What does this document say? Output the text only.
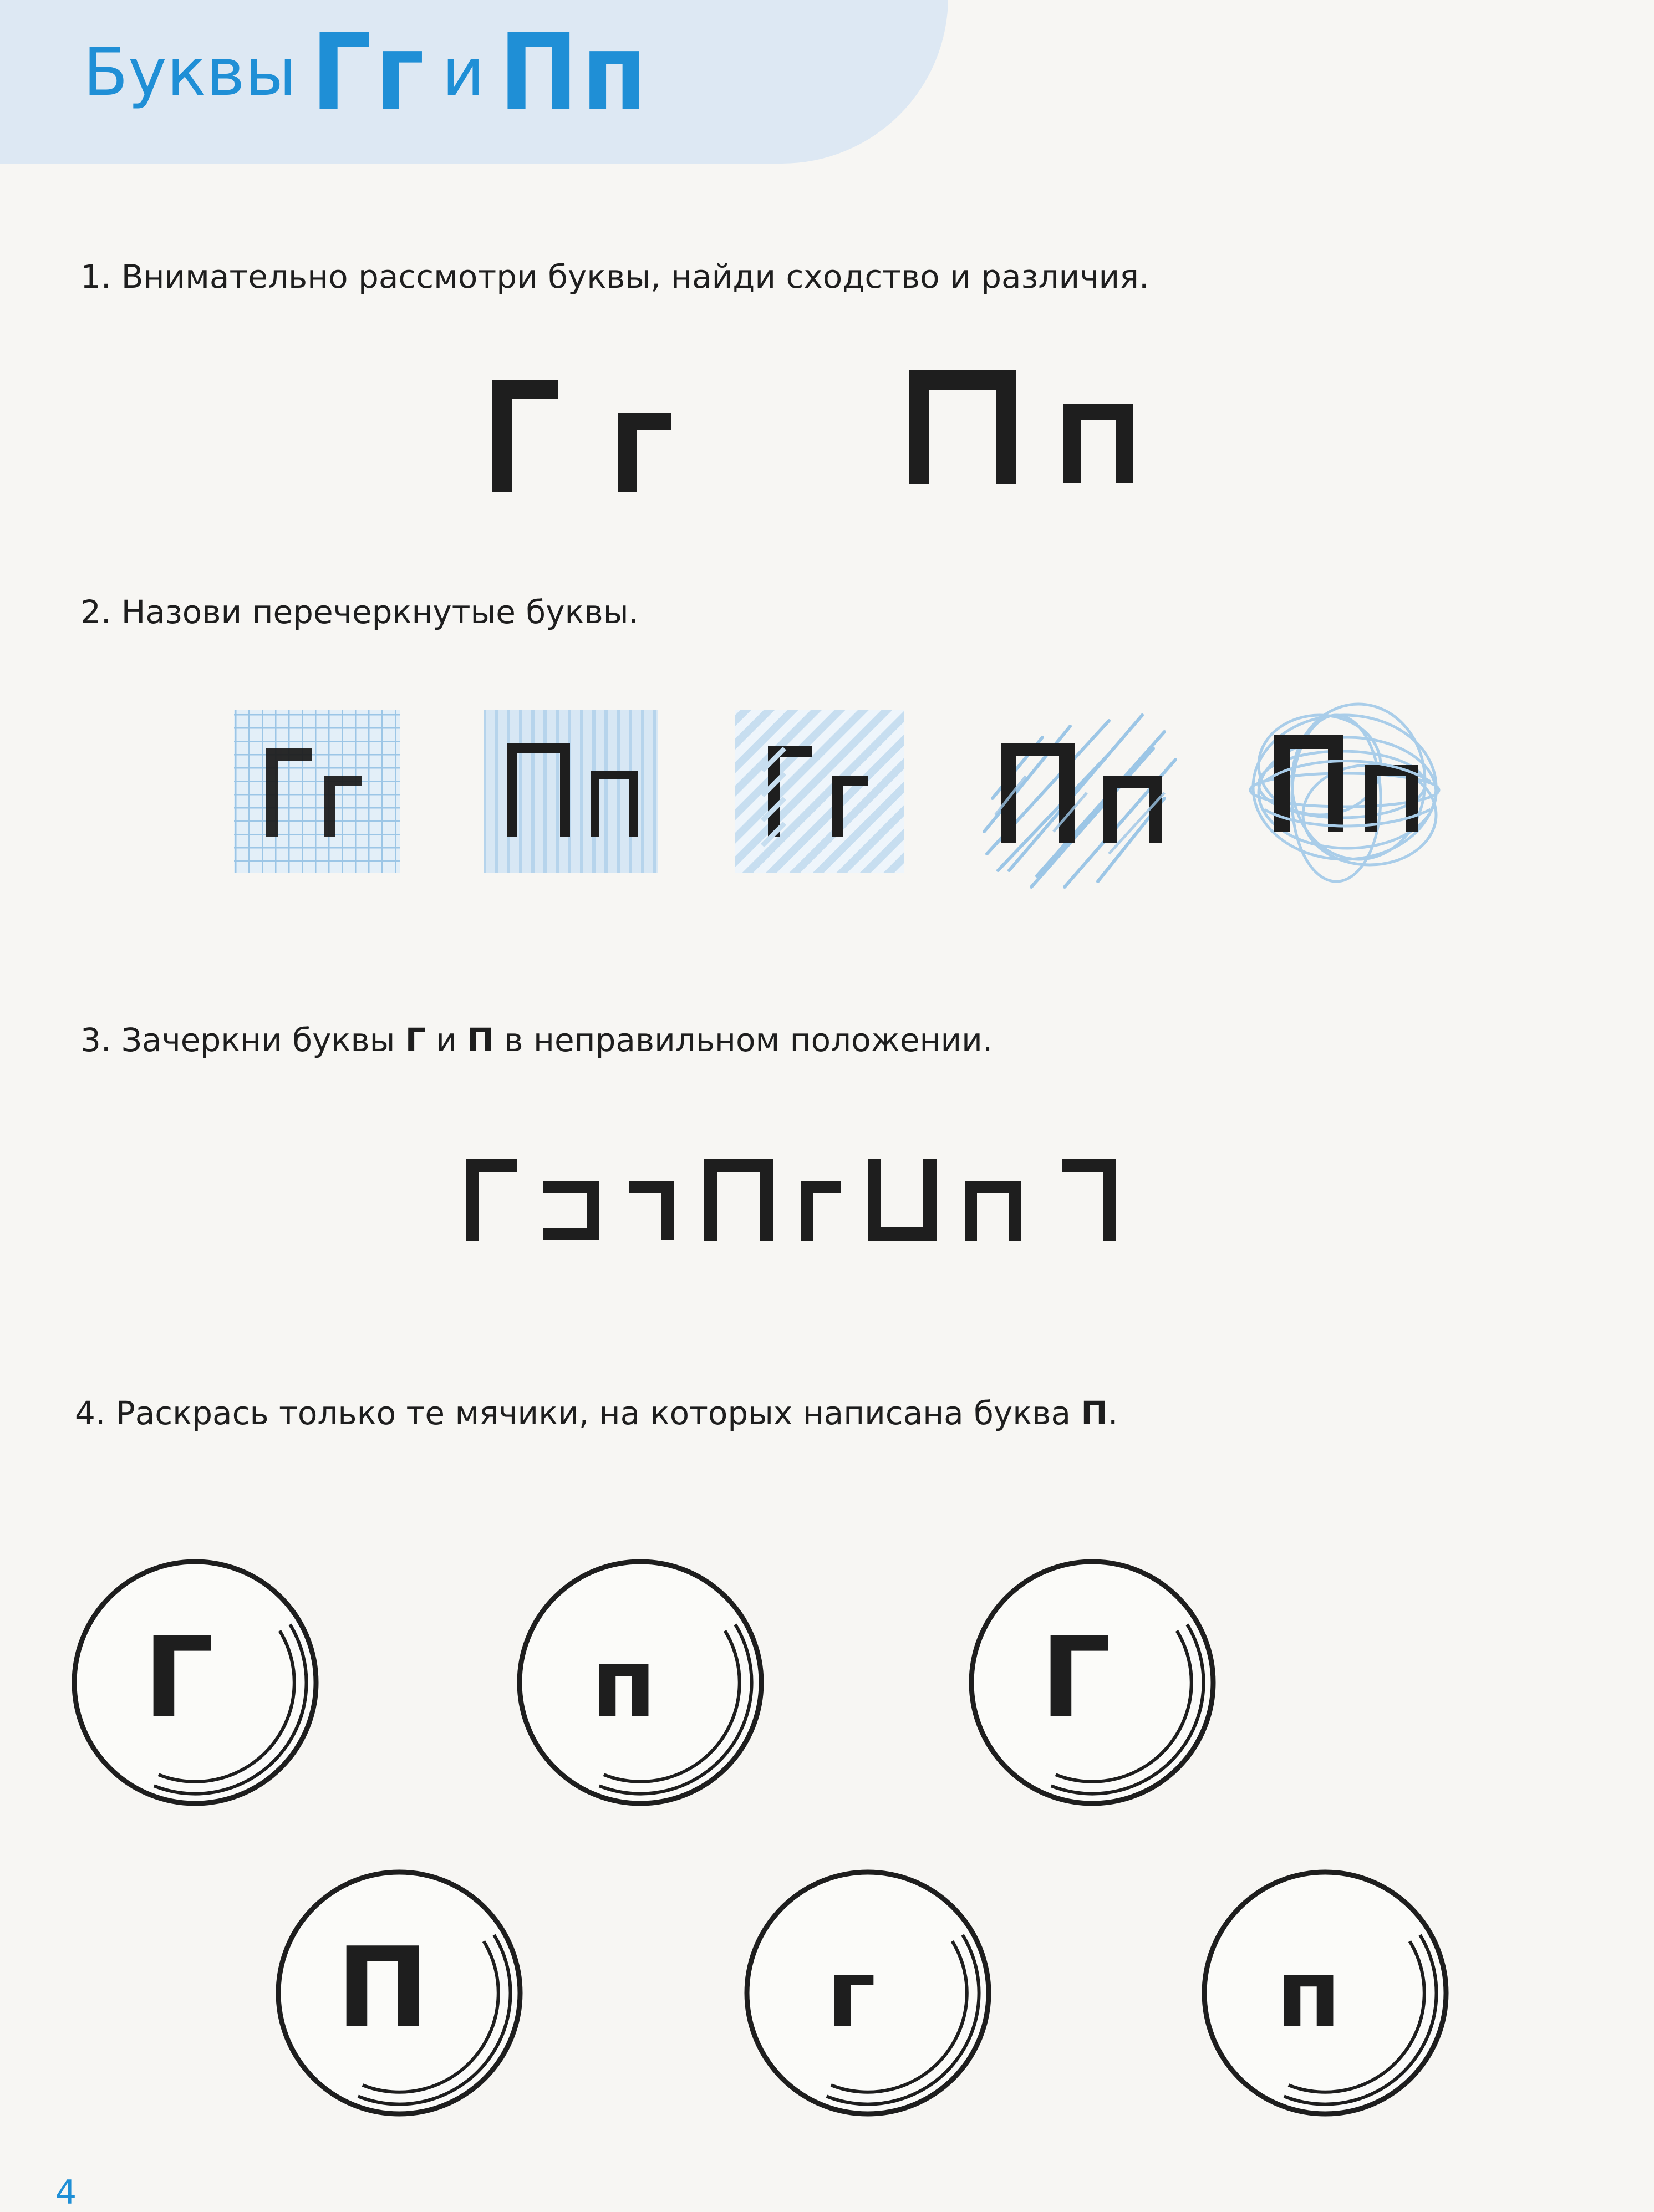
Буквы Гг и Пп
1. Внимательно рассмотри буквы, найди сходство и различия.
2. Назови перечеркнутые буквы.
3. Зачеркни буквы Г и П в неправильном положении.
4. Раскрась только те мячики, на которых написана буква П.
Г	п	Г
П	г	п
4
